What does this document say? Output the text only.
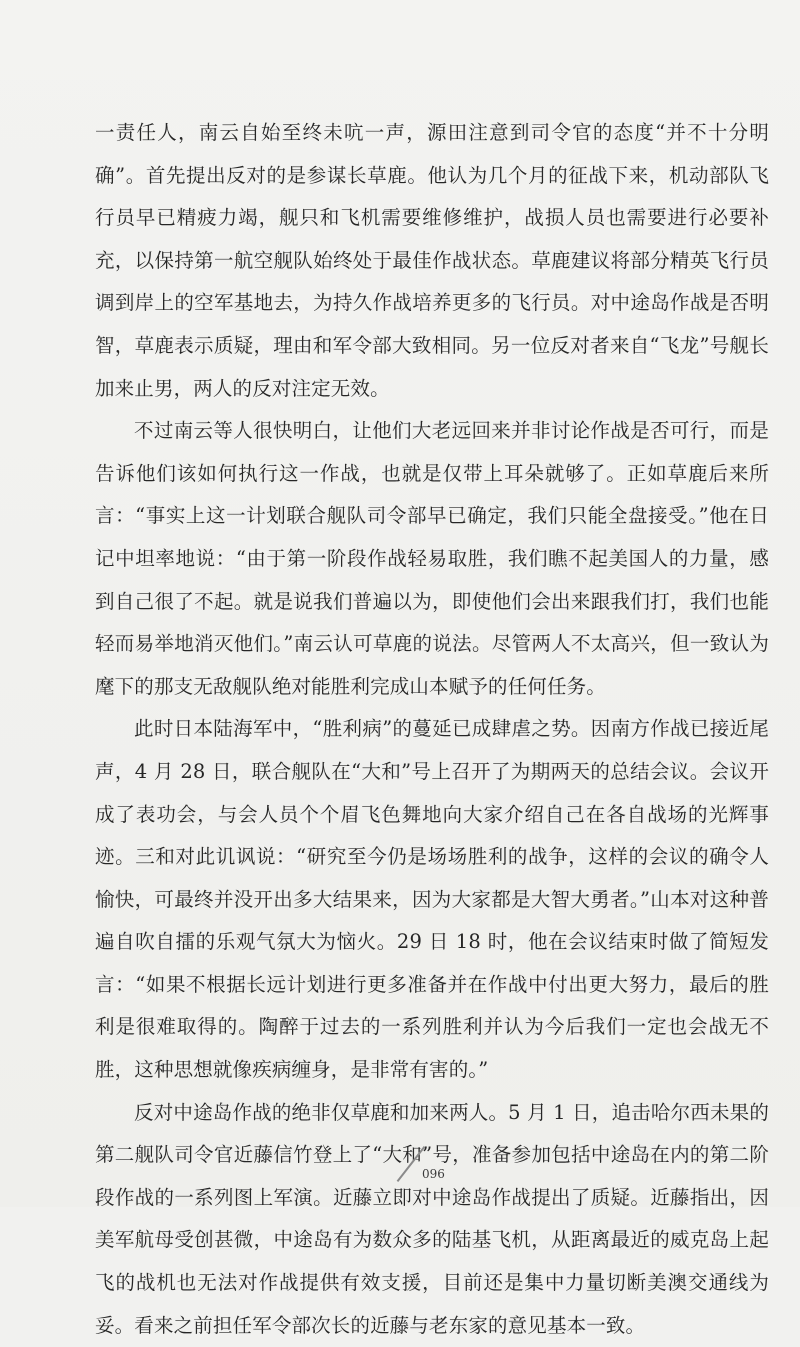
一责任人，南云自始至终未吭一声，源田注意到司令官的态度“并不十分明确”。首先提出反对的是参谋长草鹿。他认为几个月的征战下来，机动部队飞行员早已精疲力竭，舰只和飞机需要维修维护，战损人员也需要进行必要补充，以保持第一航空舰队始终处于最佳作战状态。草鹿建议将部分精英飞行员调到岸上的空军基地去，为持久作战培养更多的飞行员。对中途岛作战是否明智，草鹿表示质疑，理由和军令部大致相同。另一位反对者来自“飞龙”号舰长加来止男，两人的反对注定无效。

不过南云等人很快明白，让他们大老远回来并非讨论作战是否可行，而是告诉他们该如何执行这一作战，也就是仅带上耳朵就够了。正如草鹿后来所言：“事实上这一计划联合舰队司令部早已确定，我们只能全盘接受。”他在日记中坦率地说：“由于第一阶段作战轻易取胜，我们瞧不起美国人的力量，感到自己很了不起。就是说我们普遍以为，即使他们会出来跟我们打，我们也能轻而易举地消灭他们。”南云认可草鹿的说法。尽管两人不太高兴，但一致认为麾下的那支无敌舰队绝对能胜利完成山本赋予的任何任务。

此时日本陆海军中，“胜利病”的蔓延已成肆虐之势。因南方作战已接近尾声，4 月 28 日，联合舰队在“大和”号上召开了为期两天的总结会议。会议开成了表功会，与会人员个个眉飞色舞地向大家介绍自己在各自战场的光辉事迹。三和对此讥讽说：“研究至今仍是场场胜利的战争，这样的会议的确令人愉快，可最终并没开出多大结果来，因为大家都是大智大勇者。”山本对这种普遍自吹自擂的乐观气氛大为恼火。29 日 18 时，他在会议结束时做了简短发言：“如果不根据长远计划进行更多准备并在作战中付出更大努力，最后的胜利是很难取得的。陶醉于过去的一系列胜利并认为今后我们一定也会战无不胜，这种思想就像疾病缠身，是非常有害的。”

反对中途岛作战的绝非仅草鹿和加来两人。5 月 1 日，追击哈尔西未果的第二舰队司令官近藤信竹登上了“大和”号，准备参加包括中途岛在内的第二阶段作战的一系列图上军演。近藤立即对中途岛作战提出了质疑。近藤指出，因美军航母受创甚微，中途岛有为数众多的陆基飞机，从距离最近的威克岛上起飞的战机也无法对作战提供有效支援，目前还是集中力量切断美澳交通线为妥。看来之前担任军令部次长的近藤与老东家的意见基本一致。

096
